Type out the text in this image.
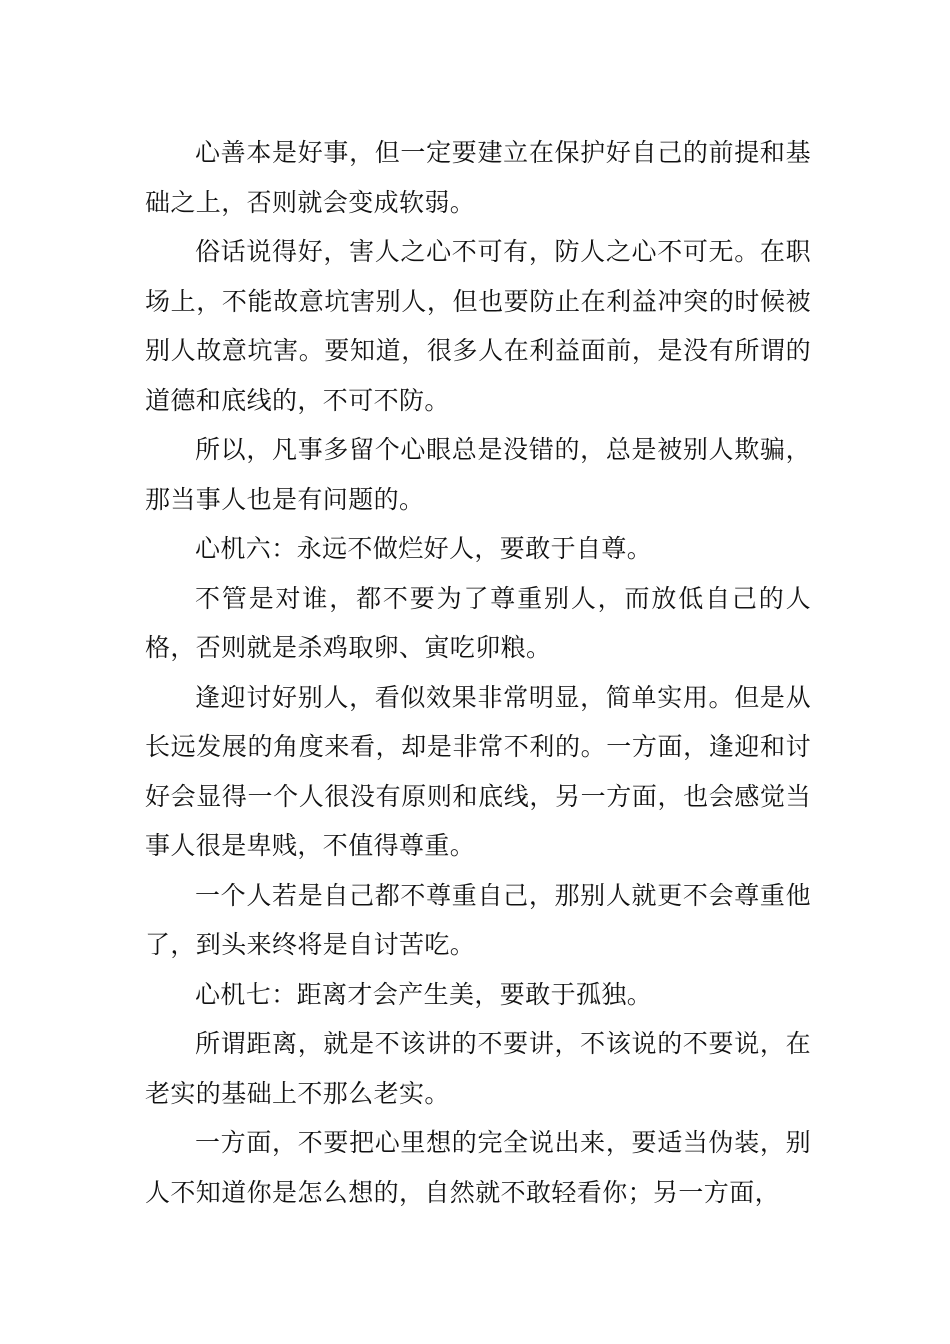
心善本是好事，但一定要建立在保护好自己的前提和基础之上，否则就会变成软弱。

俗话说得好，害人之心不可有，防人之心不可无。在职场上，不能故意坑害别人，但也要防止在利益冲突的时候被别人故意坑害。要知道，很多人在利益面前，是没有所谓的道德和底线的，不可不防。

所以，凡事多留个心眼总是没错的，总是被别人欺骗，那当事人也是有问题的。

心机六：永远不做烂好人，要敢于自尊。

不管是对谁，都不要为了尊重别人，而放低自己的人格，否则就是杀鸡取卵、寅吃卯粮。

逢迎讨好别人，看似效果非常明显，简单实用。但是从长远发展的角度来看，却是非常不利的。一方面，逢迎和讨好会显得一个人很没有原则和底线，另一方面，也会感觉当事人很是卑贱，不值得尊重。

一个人若是自己都不尊重自己，那别人就更不会尊重他了，到头来终将是自讨苦吃。

心机七：距离才会产生美，要敢于孤独。

所谓距离，就是不该讲的不要讲，不该说的不要说，在老实的基础上不那么老实。

一方面，不要把心里想的完全说出来，要适当伪装，别人不知道你是怎么想的，自然就不敢轻看你；另一方面，
